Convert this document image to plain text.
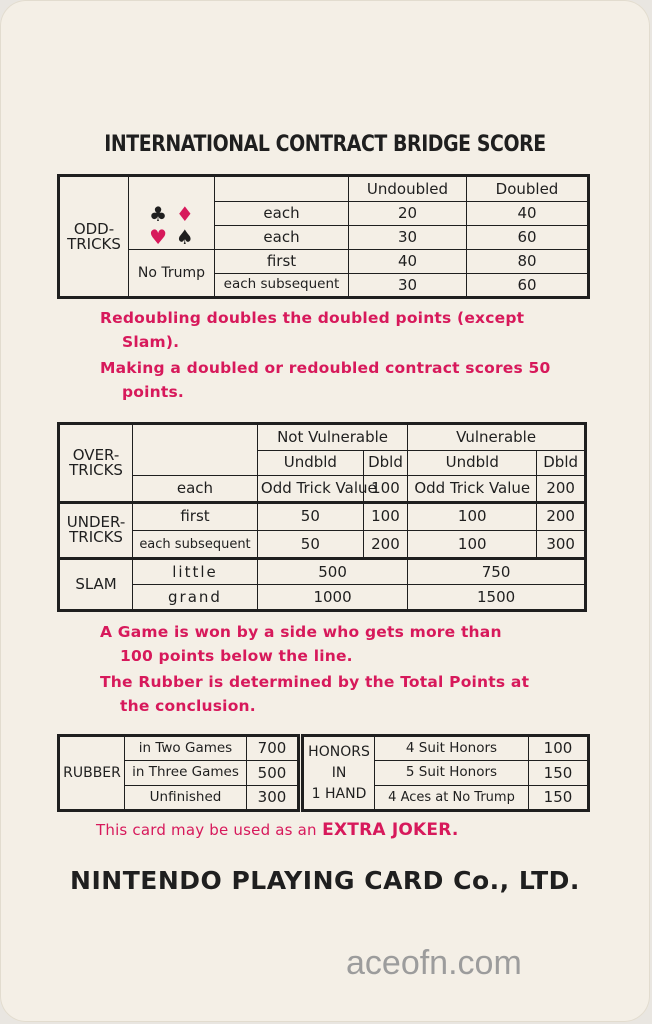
INTERNATIONAL CONTRACT BRIDGE SCORE
ODD-
TRICKS			Undoubled	Doubled
	♣ ♦	each	20	40
	♥ ♠	each	30	60
	No Trump	first	40	80
		each subsequent	30	60
Redoubling doubles the doubled points (except
Slam).
Making a doubled or redoubled contract scores 50
points.
OVER-
TRICKS		Not Vulnerable		Vulnerable	
		Undbld	Dbld	Undbld	Dbld
	each	Odd Trick Value	100	Odd Trick Value	200
UNDER-
TRICKS	first	50	100	100	200
	each subsequent	50	200	100	300
SLAM	little	500		750	
	grand	1000		1500	
A Game is won by a side who gets more than
100 points below the line.
The Rubber is determined by the Total Points at
the conclusion.
RUBBER	in Two Games	700
	in Three Games	500
	Unfinished	300
HONORS
IN
1 HAND	4 Suit Honors	100
	5 Suit Honors	150
	4 Aces at No Trump	150
This card may be used as an EXTRA JOKER.
NINTENDO PLAYING CARD Co., LTD.
aceofn.com
